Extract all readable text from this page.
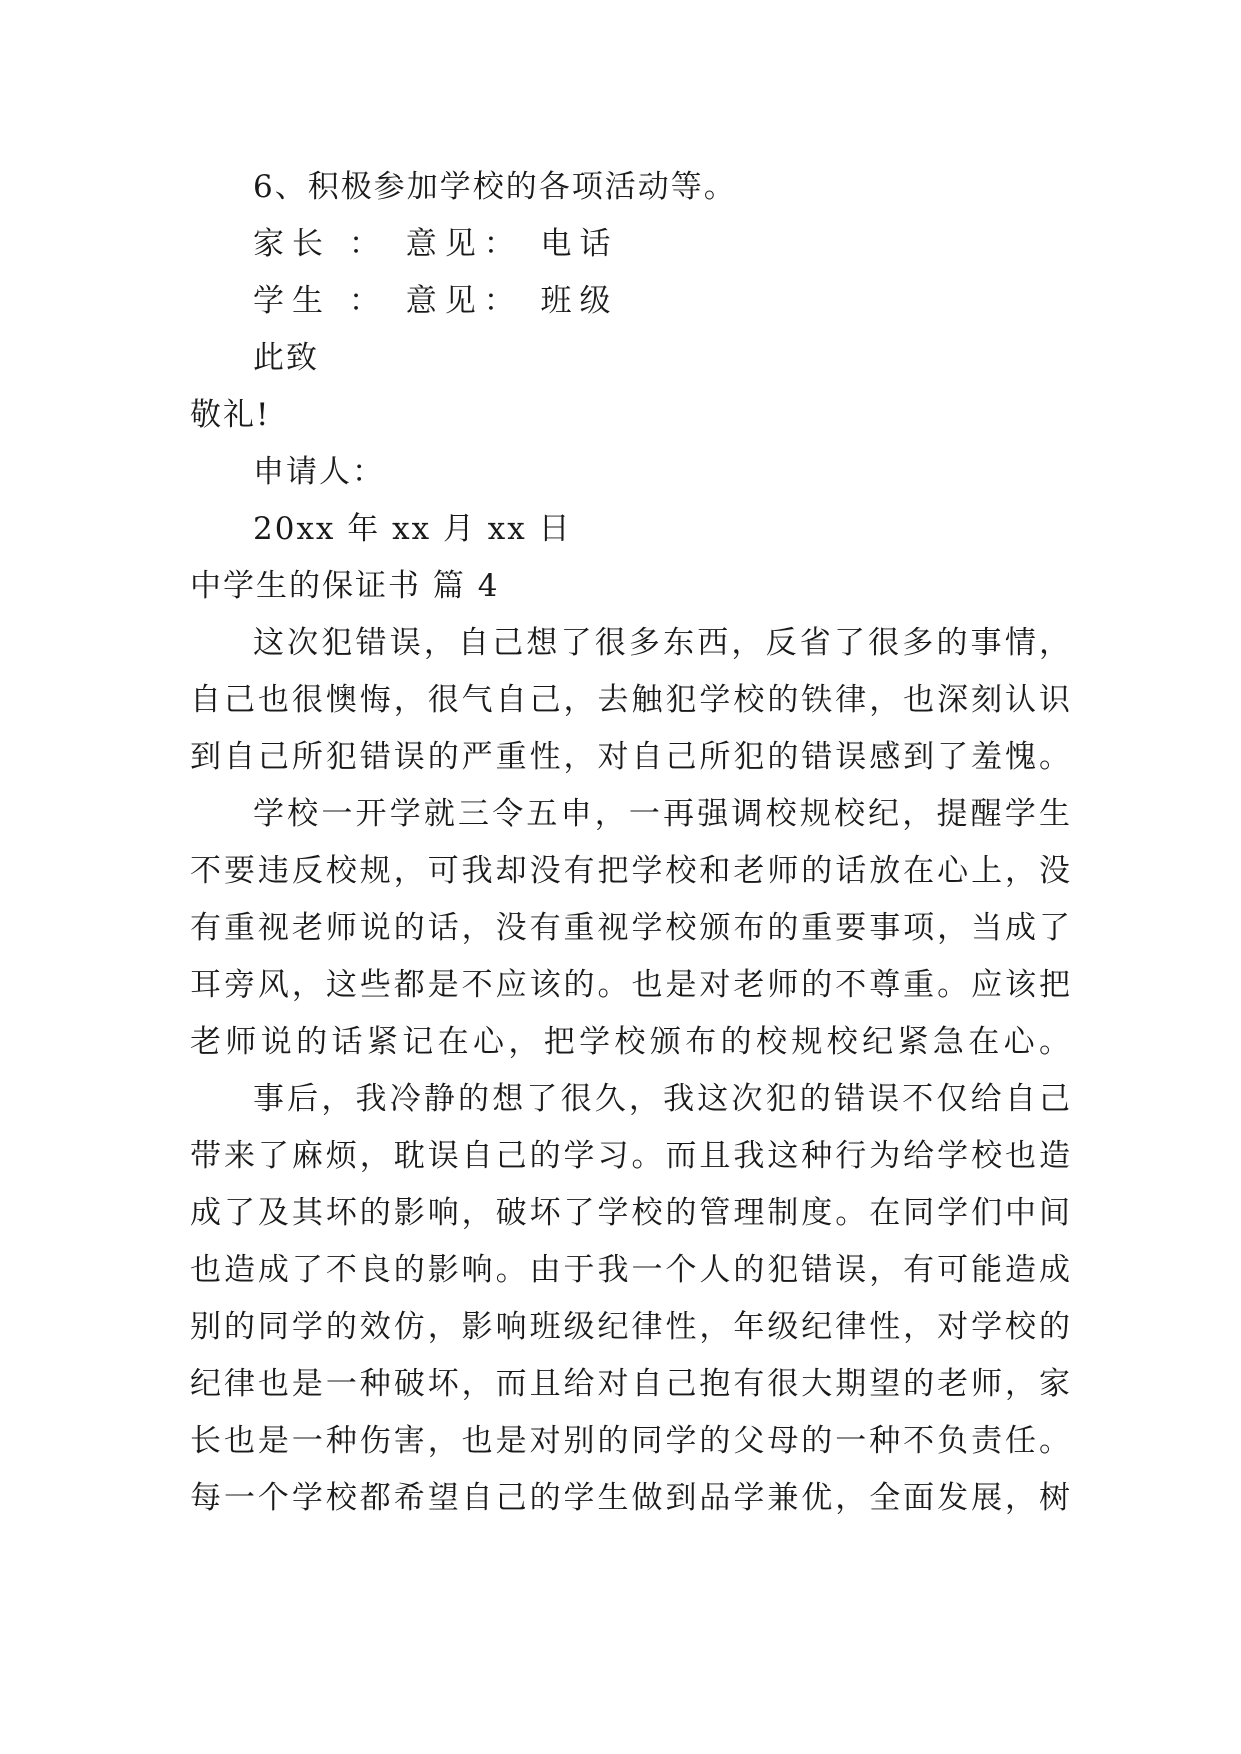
6、积极参加学校的各项活动等。

家长 ： 意见： 电话

学生 ： 意见： 班级

此致

敬礼!

申请人：

20xx 年 xx 月 xx 日

中学生的保证书 篇 4

这次犯错误，自己想了很多东西，反省了很多的事情，

自己也很懊悔，很气自己，去触犯学校的铁律，也深刻认识

到自己所犯错误的严重性，对自己所犯的错误感到了羞愧。

学校一开学就三令五申，一再强调校规校纪，提醒学生

不要违反校规，可我却没有把学校和老师的话放在心上，没

有重视老师说的话，没有重视学校颁布的重要事项，当成了

耳旁风，这些都是不应该的。也是对老师的不尊重。应该把

老师说的话紧记在心，把学校颁布的校规校纪紧急在心。

事后，我冷静的想了很久，我这次犯的错误不仅给自己

带来了麻烦，耽误自己的学习。而且我这种行为给学校也造

成了及其坏的影响，破坏了学校的管理制度。在同学们中间

也造成了不良的影响。由于我一个人的犯错误，有可能造成

别的同学的效仿，影响班级纪律性，年级纪律性，对学校的

纪律也是一种破坏，而且给对自己抱有很大期望的老师，家

长也是一种伤害，也是对别的同学的父母的一种不负责任。

每一个学校都希望自己的学生做到品学兼优，全面发展，树
